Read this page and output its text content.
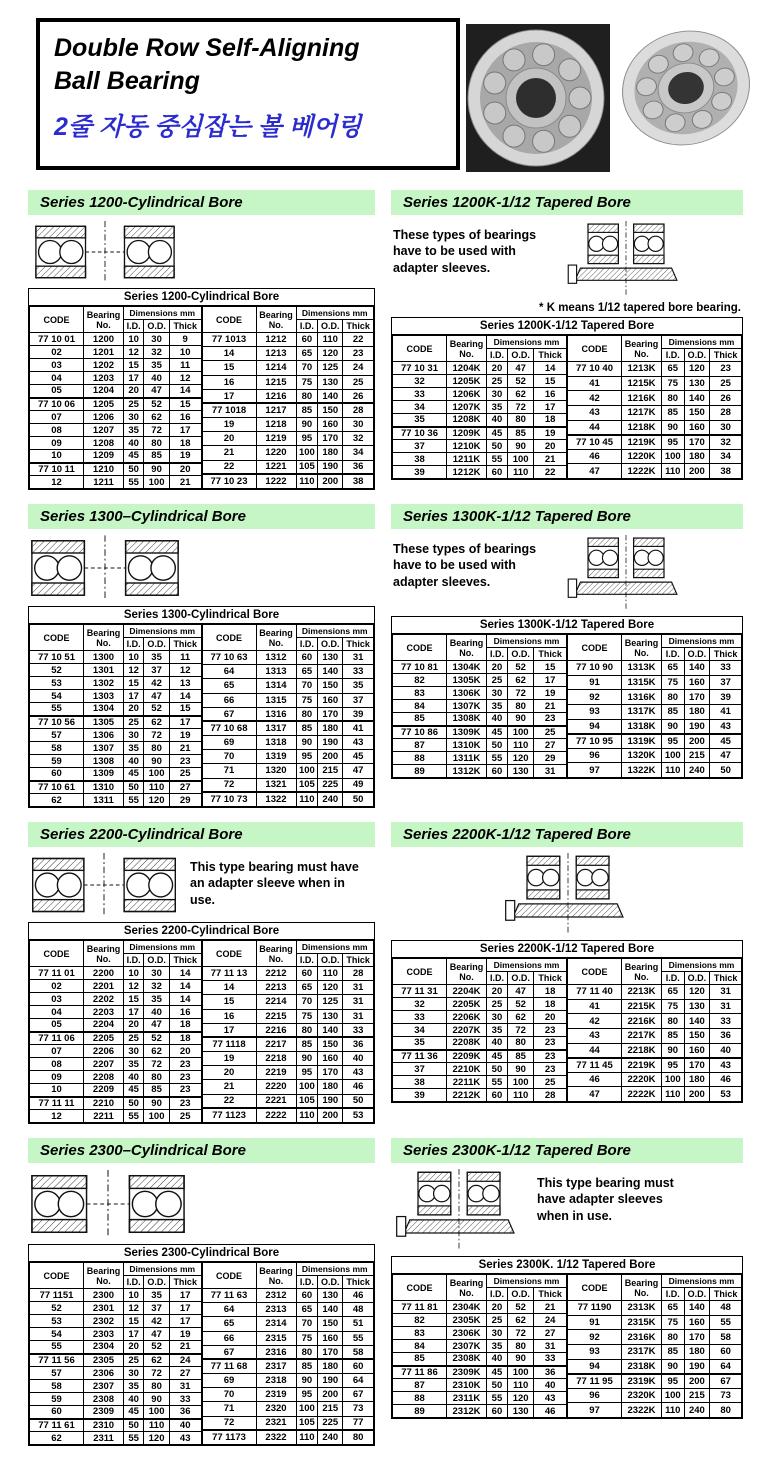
Double Row Self-Aligning
Ball Bearing
2줄 자동 중심잡는 볼 베어링
Series 1200-Cylindrical Bore
Series 1200-Cylindrical Bore
CODE	Bearing No.	Dimensions mm		
		I.D.	O.D.	Thick
77 10 01	1200	10	30	9
02	1201	12	32	10
03	1202	15	35	11
04	1203	17	40	12
05	1204	20	47	14
77 10 06	1205	25	52	15
07	1206	30	62	16
08	1207	35	72	17
09	1208	40	80	18
10	1209	45	85	19
77 10 11	1210	50	90	20
12	1211	55	100	21
CODE	Bearing No.	Dimensions mm		
		I.D.	O.D.	Thick
77 1013	1212	60	110	22
14	1213	65	120	23
15	1214	70	125	24
16	1215	75	130	25
17	1216	80	140	26
77 1018	1217	85	150	28
19	1218	90	160	30
20	1219	95	170	32
21	1220	100	180	34
22	1221	105	190	36
77 10 23	1222	110	200	38
Series 1200K-1/12 Tapered Bore
These types of bearings have to be used with adapter sleeves.
* K means 1/12 tapered bore bearing.
Series 1200K-1/12 Tapered Bore
CODE	Bearing No.	Dimensions mm		
		I.D.	O.D.	Thick
77 10 31	1204K	20	47	14
32	1205K	25	52	15
33	1206K	30	62	16
34	1207K	35	72	17
35	1208K	40	80	18
77 10 36	1209K	45	85	19
37	1210K	50	90	20
38	1211K	55	100	21
39	1212K	60	110	22
CODE	Bearing No.	Dimensions mm		
		I.D.	O.D.	Thick
77 10 40	1213K	65	120	23
41	1215K	75	130	25
42	1216K	80	140	26
43	1217K	85	150	28
44	1218K	90	160	30
77 10 45	1219K	95	170	32
46	1220K	100	180	34
47	1222K	110	200	38
Series 1300–Cylindrical Bore
Series 1300-Cylindrical Bore
CODE	Bearing No.	Dimensions mm		
		I.D.	O.D.	Thick
77 10 51	1300	10	35	11
52	1301	12	37	12
53	1302	15	42	13
54	1303	17	47	14
55	1304	20	52	15
77 10 56	1305	25	62	17
57	1306	30	72	19
58	1307	35	80	21
59	1308	40	90	23
60	1309	45	100	25
77 10 61	1310	50	110	27
62	1311	55	120	29
CODE	Bearing No.	Dimensions mm		
		I.D.	O.D.	Thick
77 10 63	1312	60	130	31
64	1313	65	140	33
65	1314	70	150	35
66	1315	75	160	37
67	1316	80	170	39
77 10 68	1317	85	180	41
69	1318	90	190	43
70	1319	95	200	45
71	1320	100	215	47
72	1321	105	225	49
77 10 73	1322	110	240	50
Series 1300K-1/12 Tapered Bore
These types of bearings have to be used with adapter sleeves.
Series 1300K-1/12 Tapered Bore
CODE	Bearing No.	Dimensions mm		
		I.D.	O.D.	Thick
77 10 81	1304K	20	52	15
82	1305K	25	62	17
83	1306K	30	72	19
84	1307K	35	80	21
85	1308K	40	90	23
77 10 86	1309K	45	100	25
87	1310K	50	110	27
88	1311K	55	120	29
89	1312K	60	130	31
CODE	Bearing No.	Dimensions mm		
		I.D.	O.D.	Thick
77 10 90	1313K	65	140	33
91	1315K	75	160	37
92	1316K	80	170	39
93	1317K	85	180	41
94	1318K	90	190	43
77 10 95	1319K	95	200	45
96	1320K	100	215	47
97	1322K	110	240	50
Series 2200-Cylindrical Bore
This type bearing must have an adapter sleeve when in use.
Series 2200-Cylindrical Bore
CODE	Bearing No.	Dimensions mm		
		I.D.	O.D.	Thick
77 11 01	2200	10	30	14
02	2201	12	32	14
03	2202	15	35	14
04	2203	17	40	16
05	2204	20	47	18
77 11 06	2205	25	52	18
07	2206	30	62	20
08	2207	35	72	23
09	2208	40	80	23
10	2209	45	85	23
77 11 11	2210	50	90	23
12	2211	55	100	25
CODE	Bearing No.	Dimensions mm		
		I.D.	O.D.	Thick
77 11 13	2212	60	110	28
14	2213	65	120	31
15	2214	70	125	31
16	2215	75	130	31
17	2216	80	140	33
77 1118	2217	85	150	36
19	2218	90	160	40
20	2219	95	170	43
21	2220	100	180	46
22	2221	105	190	50
77 1123	2222	110	200	53
Series 2200K-1/12 Tapered Bore
Series 2200K-1/12 Tapered Bore
CODE	Bearing No.	Dimensions mm		
		I.D.	O.D.	Thick
77 11 31	2204K	20	47	18
32	2205K	25	52	18
33	2206K	30	62	20
34	2207K	35	72	23
35	2208K	40	80	23
77 11 36	2209K	45	85	23
37	2210K	50	90	23
38	2211K	55	100	25
39	2212K	60	110	28
CODE	Bearing No.	Dimensions mm		
		I.D.	O.D.	Thick
77 11 40	2213K	65	120	31
41	2215K	75	130	31
42	2216K	80	140	33
43	2217K	85	150	36
44	2218K	90	160	40
77 11 45	2219K	95	170	43
46	2220K	100	180	46
47	2222K	110	200	53
Series 2300–Cylindrical Bore
Series 2300-Cylindrical Bore
CODE	Bearing No.	Dimensions mm		
		I.D.	O.D.	Thick
77 1151	2300	10	35	17
52	2301	12	37	17
53	2302	15	42	17
54	2303	17	47	19
55	2304	20	52	21
77 11 56	2305	25	62	24
57	2306	30	72	27
58	2307	35	80	31
59	2308	40	90	33
60	2309	45	100	36
77 11 61	2310	50	110	40
62	2311	55	120	43
CODE	Bearing No.	Dimensions mm		
		I.D.	O.D.	Thick
77 11 63	2312	60	130	46
64	2313	65	140	48
65	2314	70	150	51
66	2315	75	160	55
67	2316	80	170	58
77 11 68	2317	85	180	60
69	2318	90	190	64
70	2319	95	200	67
71	2320	100	215	73
72	2321	105	225	77
77 1173	2322	110	240	80
Series 2300K-1/12 Tapered Bore
This type bearing must have adapter sleeves when in use.
Series 2300K. 1/12 Tapered Bore
CODE	Bearing No.	Dimensions mm		
		I.D.	O.D.	Thick
77 11 81	2304K	20	52	21
82	2305K	25	62	24
83	2306K	30	72	27
84	2307K	35	80	31
85	2308K	40	90	33
77 11 86	2309K	45	100	36
87	2310K	50	110	40
88	2311K	55	120	43
89	2312K	60	130	46
CODE	Bearing No.	Dimensions mm		
		I.D.	O.D.	Thick
77 1190	2313K	65	140	48
91	2315K	75	160	55
92	2316K	80	170	58
93	2317K	85	180	60
94	2318K	90	190	64
77 11 95	2319K	95	200	67
96	2320K	100	215	73
97	2322K	110	240	80
